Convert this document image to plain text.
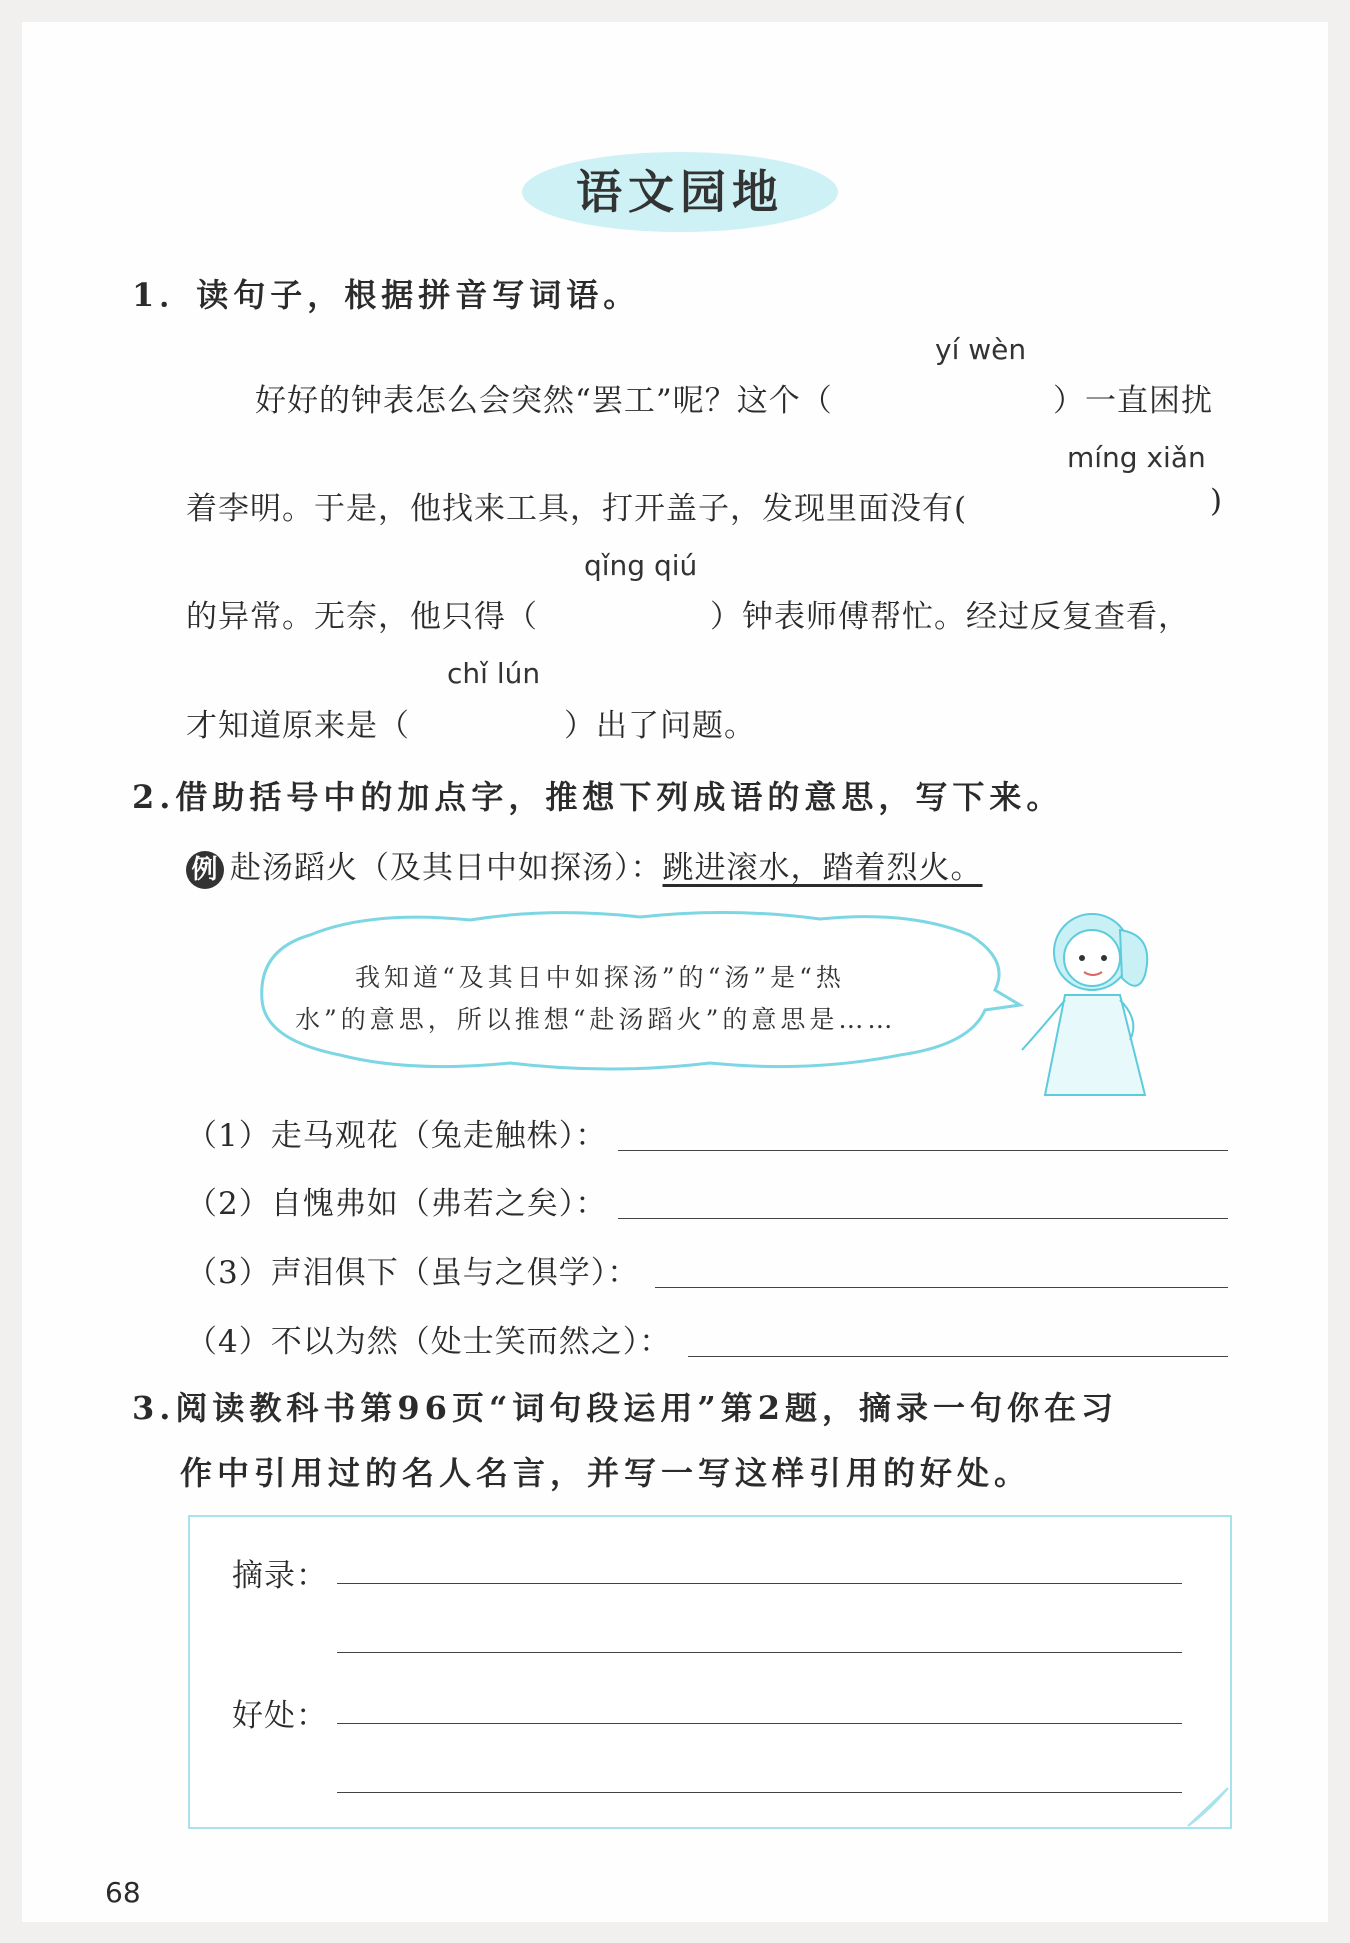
语文园地
1．读句子，根据拼音写词语。
yí wèn
好好的钟表怎么会突然“罢工”呢？这个（	）一直困扰
míng xiǎn
着李明。于是，他找来工具，打开盖子，发现里面没有(	)
qǐng qiú
的异常。无奈，他只得（	）钟表师傅帮忙。经过反复查看，
chǐ lún
才知道原来是（	）出了问题。
2.借助括号中的加点字，推想下列成语的意思，写下来。
例 赴汤蹈火（及其日中如探汤）：跳进滚水，踏着烈火。
我知道“及其日中如探汤”的“汤”是“热
水”的意思，所以推想“赴汤蹈火”的意思是……
（1）走马观花（兔走触株）：
（2）自愧弗如（弗若之矣）：
（3）声泪俱下（虽与之俱学）：
（4）不以为然（处士笑而然之）：
3.阅读教科书第96页“词句段运用”第2题，摘录一句你在习
作中引用过的名人名言，并写一写这样引用的好处。
摘录：
好处：
68
